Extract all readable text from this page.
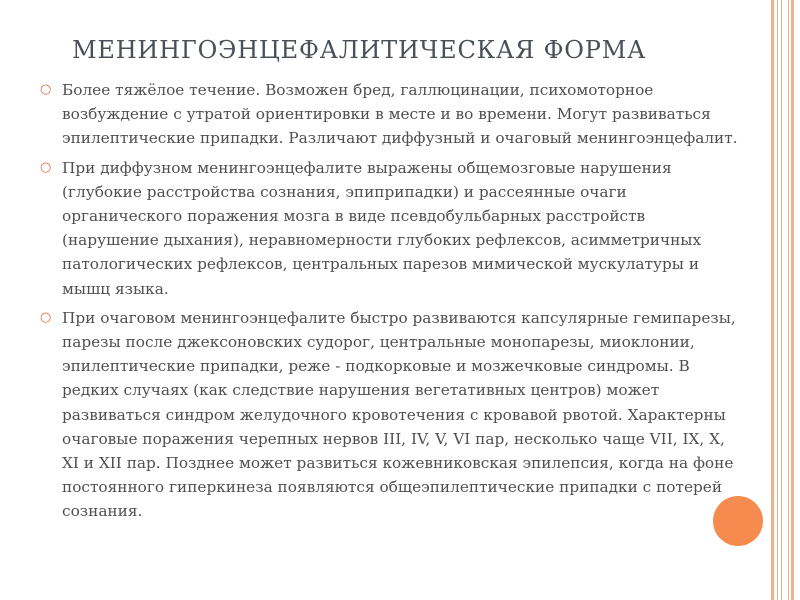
МЕНИНГОЭНЦЕФАЛИТИЧЕСКАЯ ФОРМА
○ Более тяжёлое течение. Возможен бред, галлюцинации, психомоторное возбуждение с утратой ориентировки в месте и во времени. Могут развиваться эпилептические припадки. Различают диффузный и очаговый менингоэнцефалит.
○ При диффузном менингоэнцефалите выражены общемозговые нарушения (глубокие расстройства сознания, эпиприпадки) и рассеянные очаги органического поражения мозга в виде псевдобульбарных расстройств (нарушение дыхания), неравномерности глубоких рефлексов, асимметричных патологических рефлексов, центральных парезов мимической мускулатуры и мышц языка.
○ При очаговом менингоэнцефалите быстро развиваются капсулярные гемипарезы, парезы после джексоновских судорог, центральные монопарезы, миоклонии, эпилептические припадки, реже - подкорковые и мозжечковые синдромы. В редких случаях (как следствие нарушения вегетативных центров) может развиваться синдром желудочного кровотечения с кровавой рвотой. Характерны очаговые поражения черепных нервов III, IV, V, VI пар, несколько чаще VII, IX, X, XI и XII пар. Позднее может развиться кожевниковская эпилепсия, когда на фоне постоянного гиперкинеза появляются общеэпилептические припадки с потерей сознания.
